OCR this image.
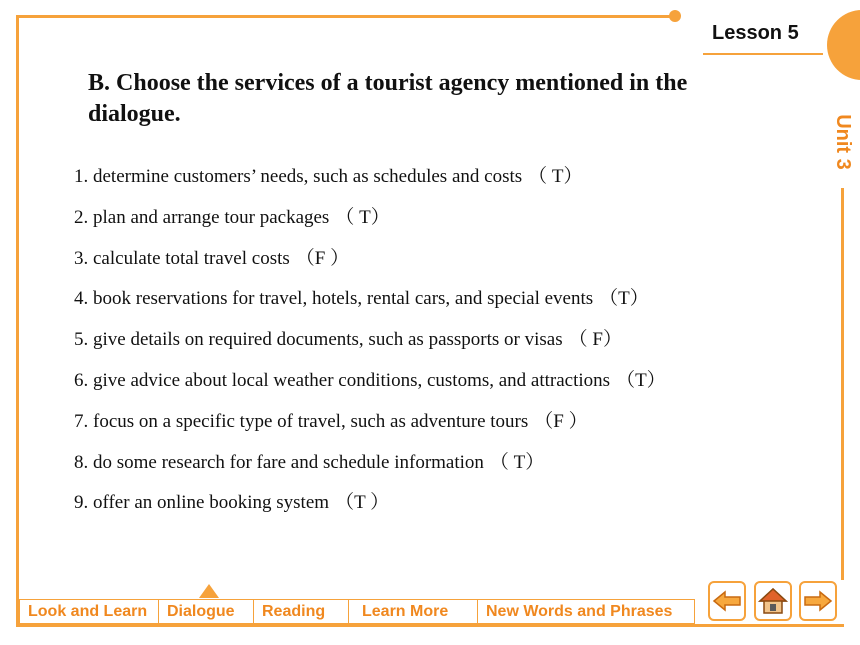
Lesson 5
Unit 3
B. Choose the services of a tourist agency mentioned in the dialogue.
1. determine customers’ needs, such as schedules and costs （ T）
2. plan and arrange tour packages （ T）
3. calculate total travel costs （F ）
4. book reservations for travel, hotels, rental cars, and special events （T）
5. give details on required documents, such as passports or visas （ F）
6. give advice about local weather conditions, customs, and attractions （T）
7. focus on a specific type of travel, such as adventure tours （F ）
8. do some research for fare and schedule information （ T）
9. offer an online booking system （T ）
Look and Learn	Dialogue	Reading	Learn More	New Words and Phrases
